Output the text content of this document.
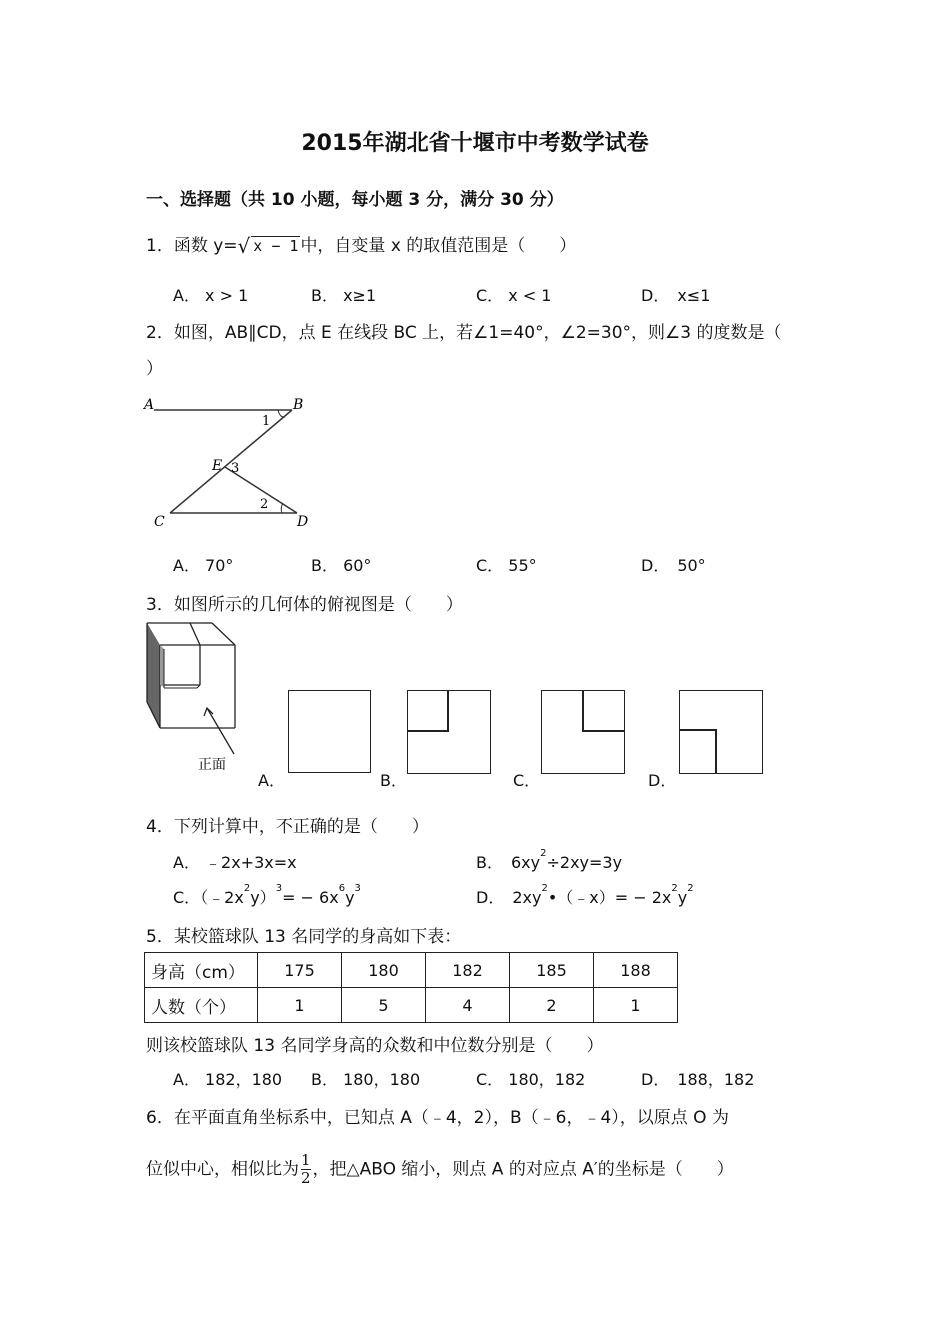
2015年湖北省十堰市中考数学试卷
一、选择题（共 10 小题，每小题 3 分，满分 30 分）
1．函数 y=√ x − 1 中，自变量 x 的取值范围是（　　）
A． x > 1	B． x≥1	C． x < 1	D．　x≤1
2．如图，AB∥CD，点 E 在线段 BC 上，若∠1=40°，∠2=30°，则∠3 的度数是（
）
A	B
C	D
E
1
2
3
A． 70°	B． 60°	C． 55°	D．　50°
3．如图所示的几何体的俯视图是（　　）
正面
A．	B．	C．	D．
4．下列计算中，不正确的是（　　）
A． ﹣2x+3x=x	B．　$6xy^2\div 2xy=3y$
C．$(﹣2x^2y)^3= - 6x^6y^3$	D．　$2xy^2•(﹣x)= - 2x^2y^2$
5．某校篮球队 13 名同学的身高如下表：
身高（cm）	175	180	182	185	188
人数（个）	1	5	4	2	1
则该校篮球队 13 名同学身高的众数和中位数分别是（　　）
A． 182，180 B． 180，180	C． 180，182	D．　188，182
6．在平面直角坐标系中，已知点 A（﹣4，2），B（﹣6，﹣4），以原点 O 为
位似中心，相似比为 $\frac{1}{2}$ ，把△ABO 缩小，则点 A 的对应点 A′的坐标是（　　）
